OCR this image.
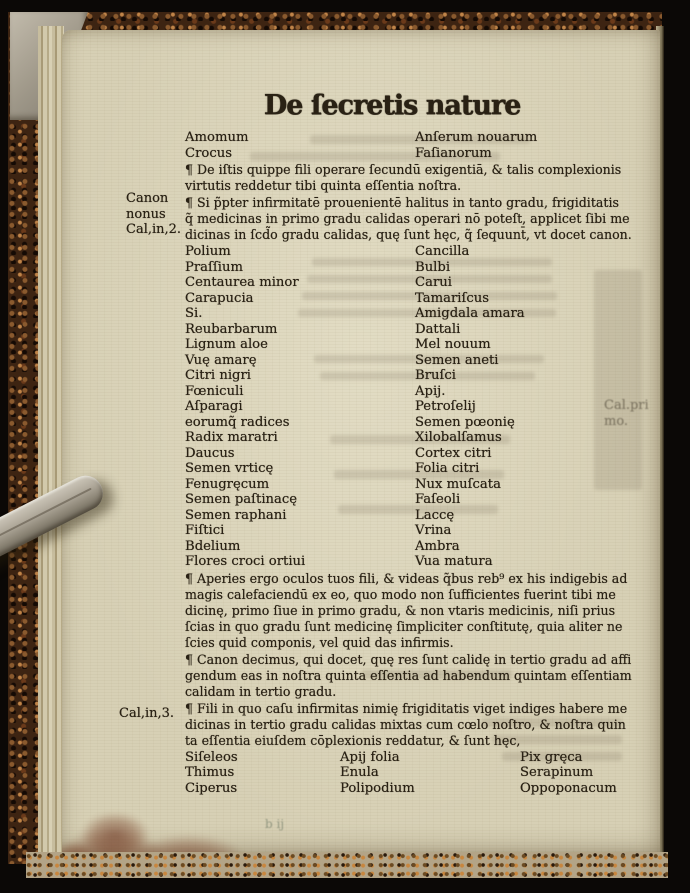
De ſecretis nature
Amomum	Anſerum nouarum
Crocus	Faſianorum
¶ De iſtis quippe fili operare ſecundū exigentiā, & talis complexionis
virtutis reddetur tibi quinta eſſentia noſtra.
¶ Si p̃pter infirmitatē prouenientē halitus in tanto gradu, frigiditatis
q̃ medicinas in primo gradu calidas operari nō poteſt, applicet ſibi me
dicinas in ſcd̃o gradu calidas, quę ſunt hęc, q̃ ſequunt̄, vt docet canon.
Polium	Cancilla
Praſſium	Bulbi
Centaurea minor	Carui
Carapucia	Tamariſcus
Si.	Amigdala amara
Reubarbarum	Dattali
Lignum aloe	Mel nouum
Vuę amarę	Semen aneti
Citri nigri	Bruſci
Fœniculi	Apij.
Aſparagi	Petroſelij
eorumq̃ radices	Semen pœonię
Radix maratri	Xilobalſamus
Daucus	Cortex citri
Semen vrticę	Folia citri
Fenugręcum	Nux muſcata
Semen paſtinacę	Faſeoli
Semen raphani	Laccę
Fiſtici	Vrina
Bdelium	Ambra
Flores croci ortiui	Vua matura
¶ Aperies ergo oculos tuos fili, & videas q̃bus reb⁹ ex his indigebis ad
magis calefaciendū ex eo, quo modo non ſufficientes fuerint tibi me
dicinę, primo ſiue in primo gradu, & non vtaris medicinis, niſi prius
ſcias in quo gradu ſunt medicinę ſimpliciter conſtitutę, quia aliter ne
ſcies quid componis, vel quid das infirmis.
¶ Canon decimus, qui docet, quę res ſunt calidę in tertio gradu ad affi
gendum eas in noſtra quinta eſſentia ad habendum quintam eſſentiam
calidam in tertio gradu.
¶ Fili in quo caſu infirmitas nimię frigiditatis viget indiges habere me
dicinas in tertio gradu calidas mixtas cum cœlo noſtro, & noſtra quin
ta eſſentia eiuſdem cōplexionis reddatur, & ſunt hęc,
Siſeleos	Apij folia	Pix gręca
Thimus	Enula	Serapinum
Ciperus	Polipodium	Oppoponacum
Canon
nonus
Cal,in,2.
Cal,in,3.
Cal.pri
mo.
b ij
